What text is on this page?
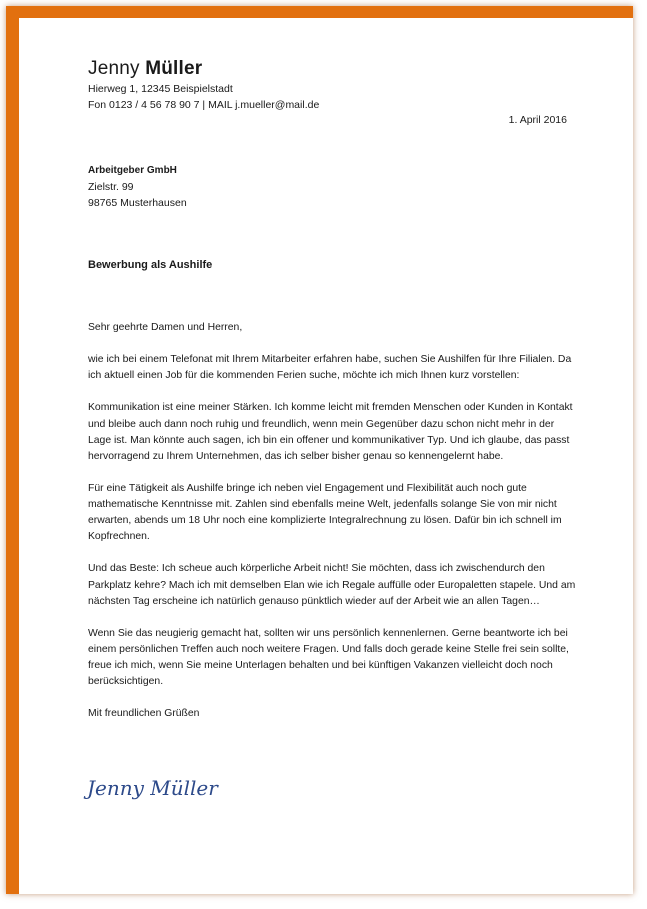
Jenny Müller
Hierweg 1, 12345 Beispielstadt
Fon 0123 / 4 56 78 90 7 | MAIL j.mueller@mail.de
1. April 2016
Arbeitgeber GmbH
Zielstr. 99
98765 Musterhausen
Bewerbung als Aushilfe

Sehr geehrte Damen und Herren,

wie ich bei einem Telefonat mit Ihrem Mitarbeiter erfahren habe, suchen Sie Aushilfen für Ihre Filialen. Da ich aktuell einen Job für die kommenden Ferien suche, möchte ich mich Ihnen kurz vorstellen:

Kommunikation ist eine meiner Stärken. Ich komme leicht mit fremden Menschen oder Kunden in Kontakt und bleibe auch dann noch ruhig und freundlich, wenn mein Gegenüber dazu schon nicht mehr in der Lage ist. Man könnte auch sagen, ich bin ein offener und kommunikativer Typ. Und ich glaube, das passt hervorragend zu Ihrem Unternehmen, das ich selber bisher genau so kennengelernt habe.

Für eine Tätigkeit als Aushilfe bringe ich neben viel Engagement und Flexibilität auch noch gute mathematische Kenntnisse mit. Zahlen sind ebenfalls meine Welt, jedenfalls solange Sie von mir nicht erwarten, abends um 18 Uhr noch eine komplizierte Integralrechnung zu lösen. Dafür bin ich schnell im Kopfrechnen.

Und das Beste: Ich scheue auch körperliche Arbeit nicht! Sie möchten, dass ich zwischendurch den Parkplatz kehre? Mach ich mit demselben Elan wie ich Regale auffülle oder Europaletten stapele. Und am nächsten Tag erscheine ich natürlich genauso pünktlich wieder auf der Arbeit wie an allen Tagen…

Wenn Sie das neugierig gemacht hat, sollten wir uns persönlich kennenlernen. Gerne beantworte ich bei einem persönlichen Treffen auch noch weitere Fragen. Und falls doch gerade keine Stelle frei sein sollte, freue ich mich, wenn Sie meine Unterlagen behalten und bei künftigen Vakanzen vielleicht doch noch berücksichtigen.

Mit freundlichen Grüßen

Jenny Müller
